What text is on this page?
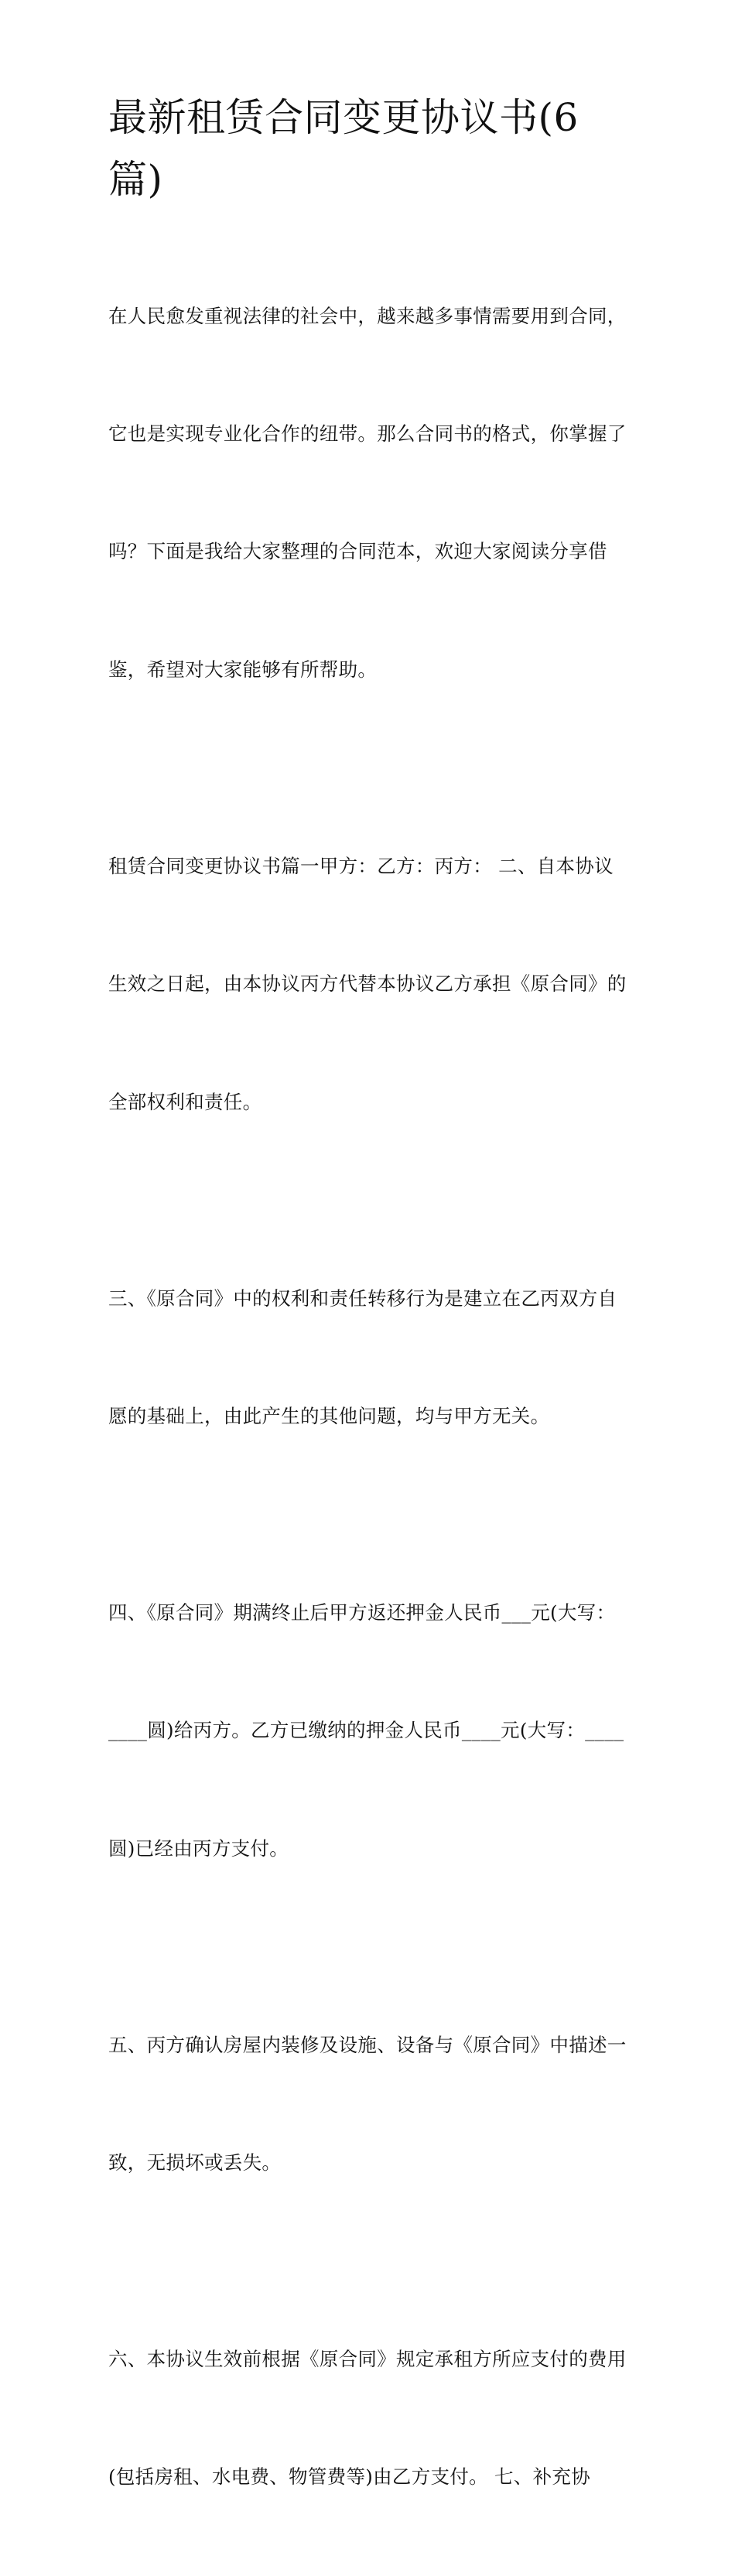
最新租赁合同变更协议书(6
篇)

在人民愈发重视法律的社会中，越来越多事情需要用到合同，

它也是实现专业化合作的纽带。那么合同书的格式，你掌握了

吗？下面是我给大家整理的合同范本，欢迎大家阅读分享借

鉴，希望对大家能够有所帮助。

租赁合同变更协议书篇一甲方：乙方：丙方： 二、自本协议

生效之日起，由本协议丙方代替本协议乙方承担《原合同》的

全部权利和责任。

三、《原合同》中的权利和责任转移行为是建立在乙丙双方自

愿的基础上，由此产生的其他问题，均与甲方无关。

四、《原合同》期满终止后甲方返还押金人民币___元(大写：

____圆)给丙方。乙方已缴纳的押金人民币____元(大写：____

圆)已经由丙方支付。

五、丙方确认房屋内装修及设施、设备与《原合同》中描述一

致，无损坏或丢失。

六、本协议生效前根据《原合同》规定承租方所应支付的费用

(包括房租、水电费、物管费等)由乙方支付。 七、补充协
